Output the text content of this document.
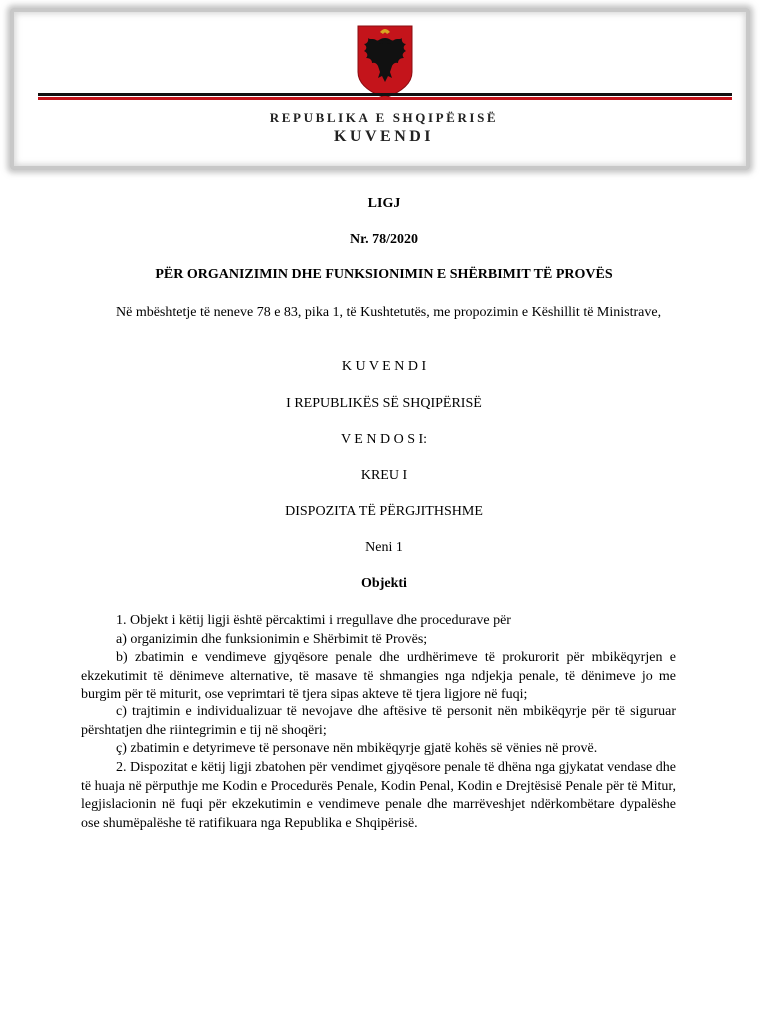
REPUBLIKA E SHQIPËRISË
KUVENDI
LIGJ
Nr. 78/2020
PËR ORGANIZIMIN DHE FUNKSIONIMIN E SHËRBIMIT TË PROVËS

Në mbështetje të neneve 78 e 83, pika 1, të Kushtetutës, me propozimin e Këshillit të Ministrave,

K U V E N D I
I REPUBLIKËS SË SHQIPËRISË
V E N D O S I:
KREU I
DISPOZITA TË PËRGJITHSHME
Neni 1
Objekti

1. Objekt i këtij ligji është përcaktimi i rregullave dhe procedurave për

a) organizimin dhe funksionimin e Shërbimit të Provës;

b) zbatimin e vendimeve gjyqësore penale dhe urdhërimeve të prokurorit për mbikëqyrjen e ekzekutimit të dënimeve alternative, të masave të shmangies nga ndjekja penale, të dënimeve jo me burgim për të miturit, ose veprimtari të tjera sipas akteve të tjera ligjore në fuqi;

c) trajtimin e individualizuar të nevojave dhe aftësive të personit nën mbikëqyrje për të siguruar përshtatjen dhe riintegrimin e tij në shoqëri;

ç) zbatimin e detyrimeve të personave nën mbikëqyrje gjatë kohës së vënies në provë.

2. Dispozitat e këtij ligji zbatohen për vendimet gjyqësore penale të dhëna nga gjykatat vendase dhe të huaja në përputhje me Kodin e Procedurës Penale, Kodin Penal, Kodin e Drejtësisë Penale për të Mitur, legjislacionin në fuqi për ekzekutimin e vendimeve penale dhe marrëveshjet ndërkombëtare dypalëshe ose shumëpalëshe të ratifikuara nga Republika e Shqipërisë.
